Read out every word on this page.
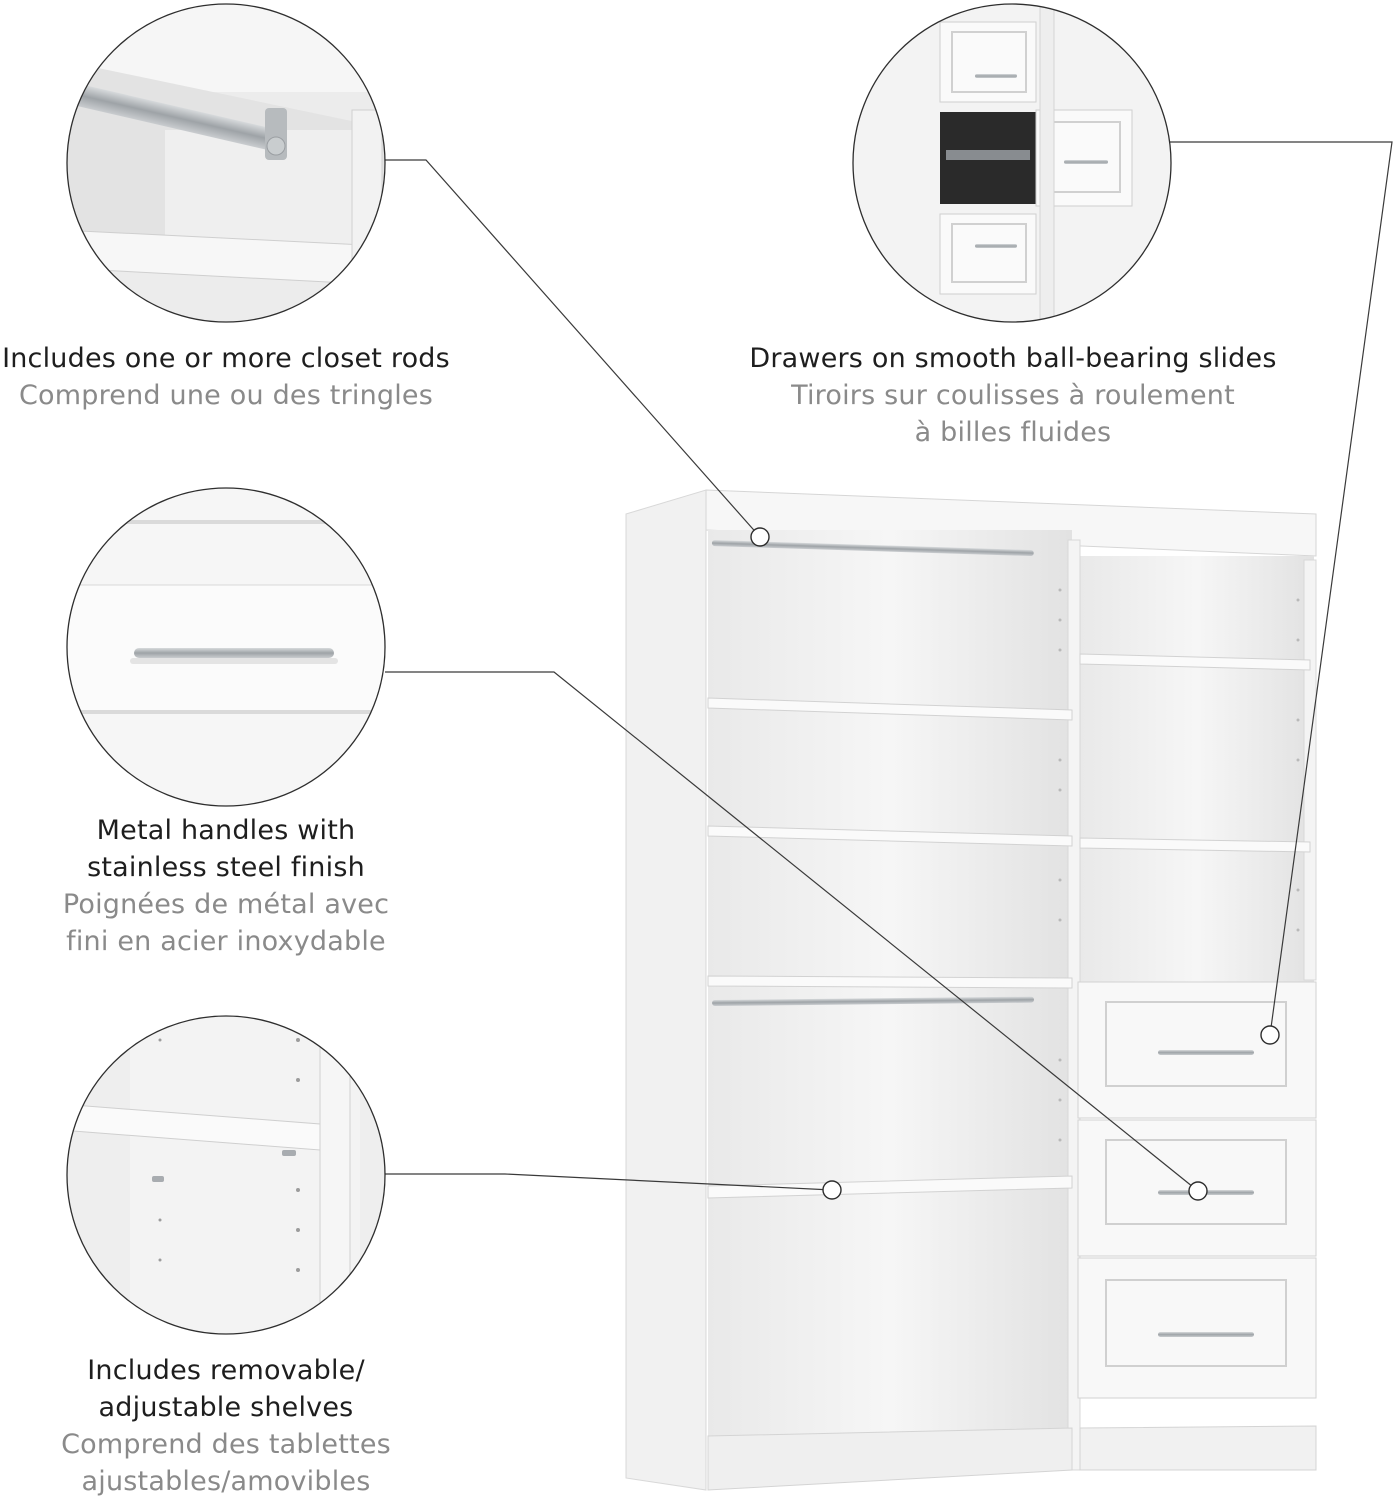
Includes one or more closet rods
Comprend une ou des tringles
Drawers on smooth ball-bearing slides
Tiroirs sur coulisses à roulement
à billes fluides
Metal handles with
stainless steel finish
Poignées de métal avec
fini en acier inoxydable
Includes removable/
adjustable shelves
Comprend des tablettes
ajustables/amovibles
